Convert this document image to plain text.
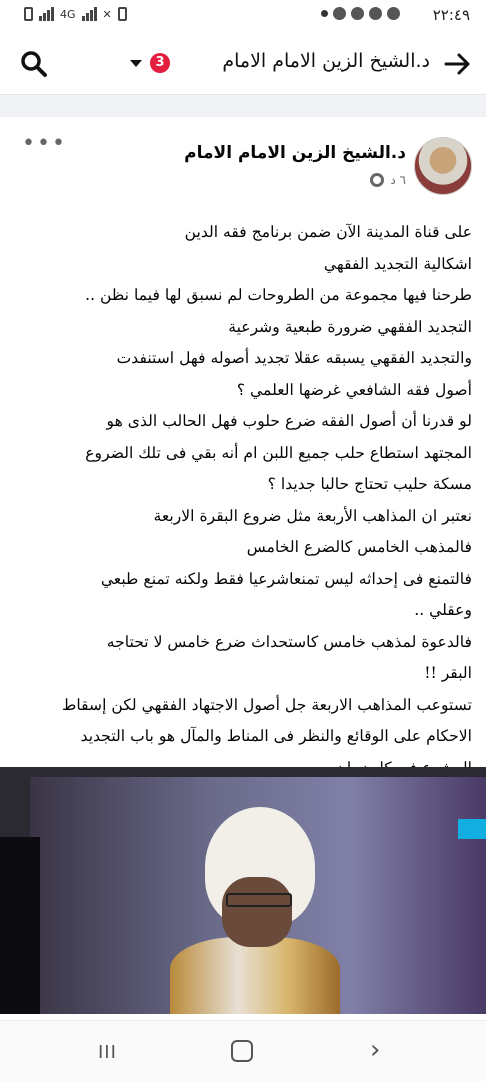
4G ✕	٢٢:٤٩
د.الشيخ الزين الامام الامام
3
د.الشيخ الزين الامام الامام
٦ د
•••
على قناة المدينة الآن ضمن برنامج فقه الدين
اشكالية التجديد الفقهي
طرحنا فيها مجموعة من الطروحات لم نسبق لها فيما نظن ..
التجديد الفقهي ضرورة طبعية وشرعية
والتجديد الفقهي يسبقه عقلا تجديد أصوله فهل استنفدت
أصول فقه الشافعي غرضها العلمي ؟
لو قدرنا أن أصول الفقه ضرع حلوب فهل الحالب الذى هو
المجتهد استطاع حلب جميع اللبن ام أنه بقي فى تلك الضروع
مسكة حليب تحتاج حالبا جديدا ؟
نعتبر ان المذاهب الأربعة مثل ضروع البقرة الاربعة
فالمذهب الخامس كالضرع الخامس
فالتمنع فى إحداثه ليس تمنعاشرعيا فقط ولكنه تمنع طبعي
وعقلي ..
فالدعوة لمذهب خامس كاستحداث ضرع خامس لا تحتاجه
البقر !!
تستوعب المذاهب الاربعة جل أصول الاجتهاد الفقهي لكن إسقاط
الاحكام على الوقائع والنظر فى المناط والمآل هو باب التجديد
III	›
